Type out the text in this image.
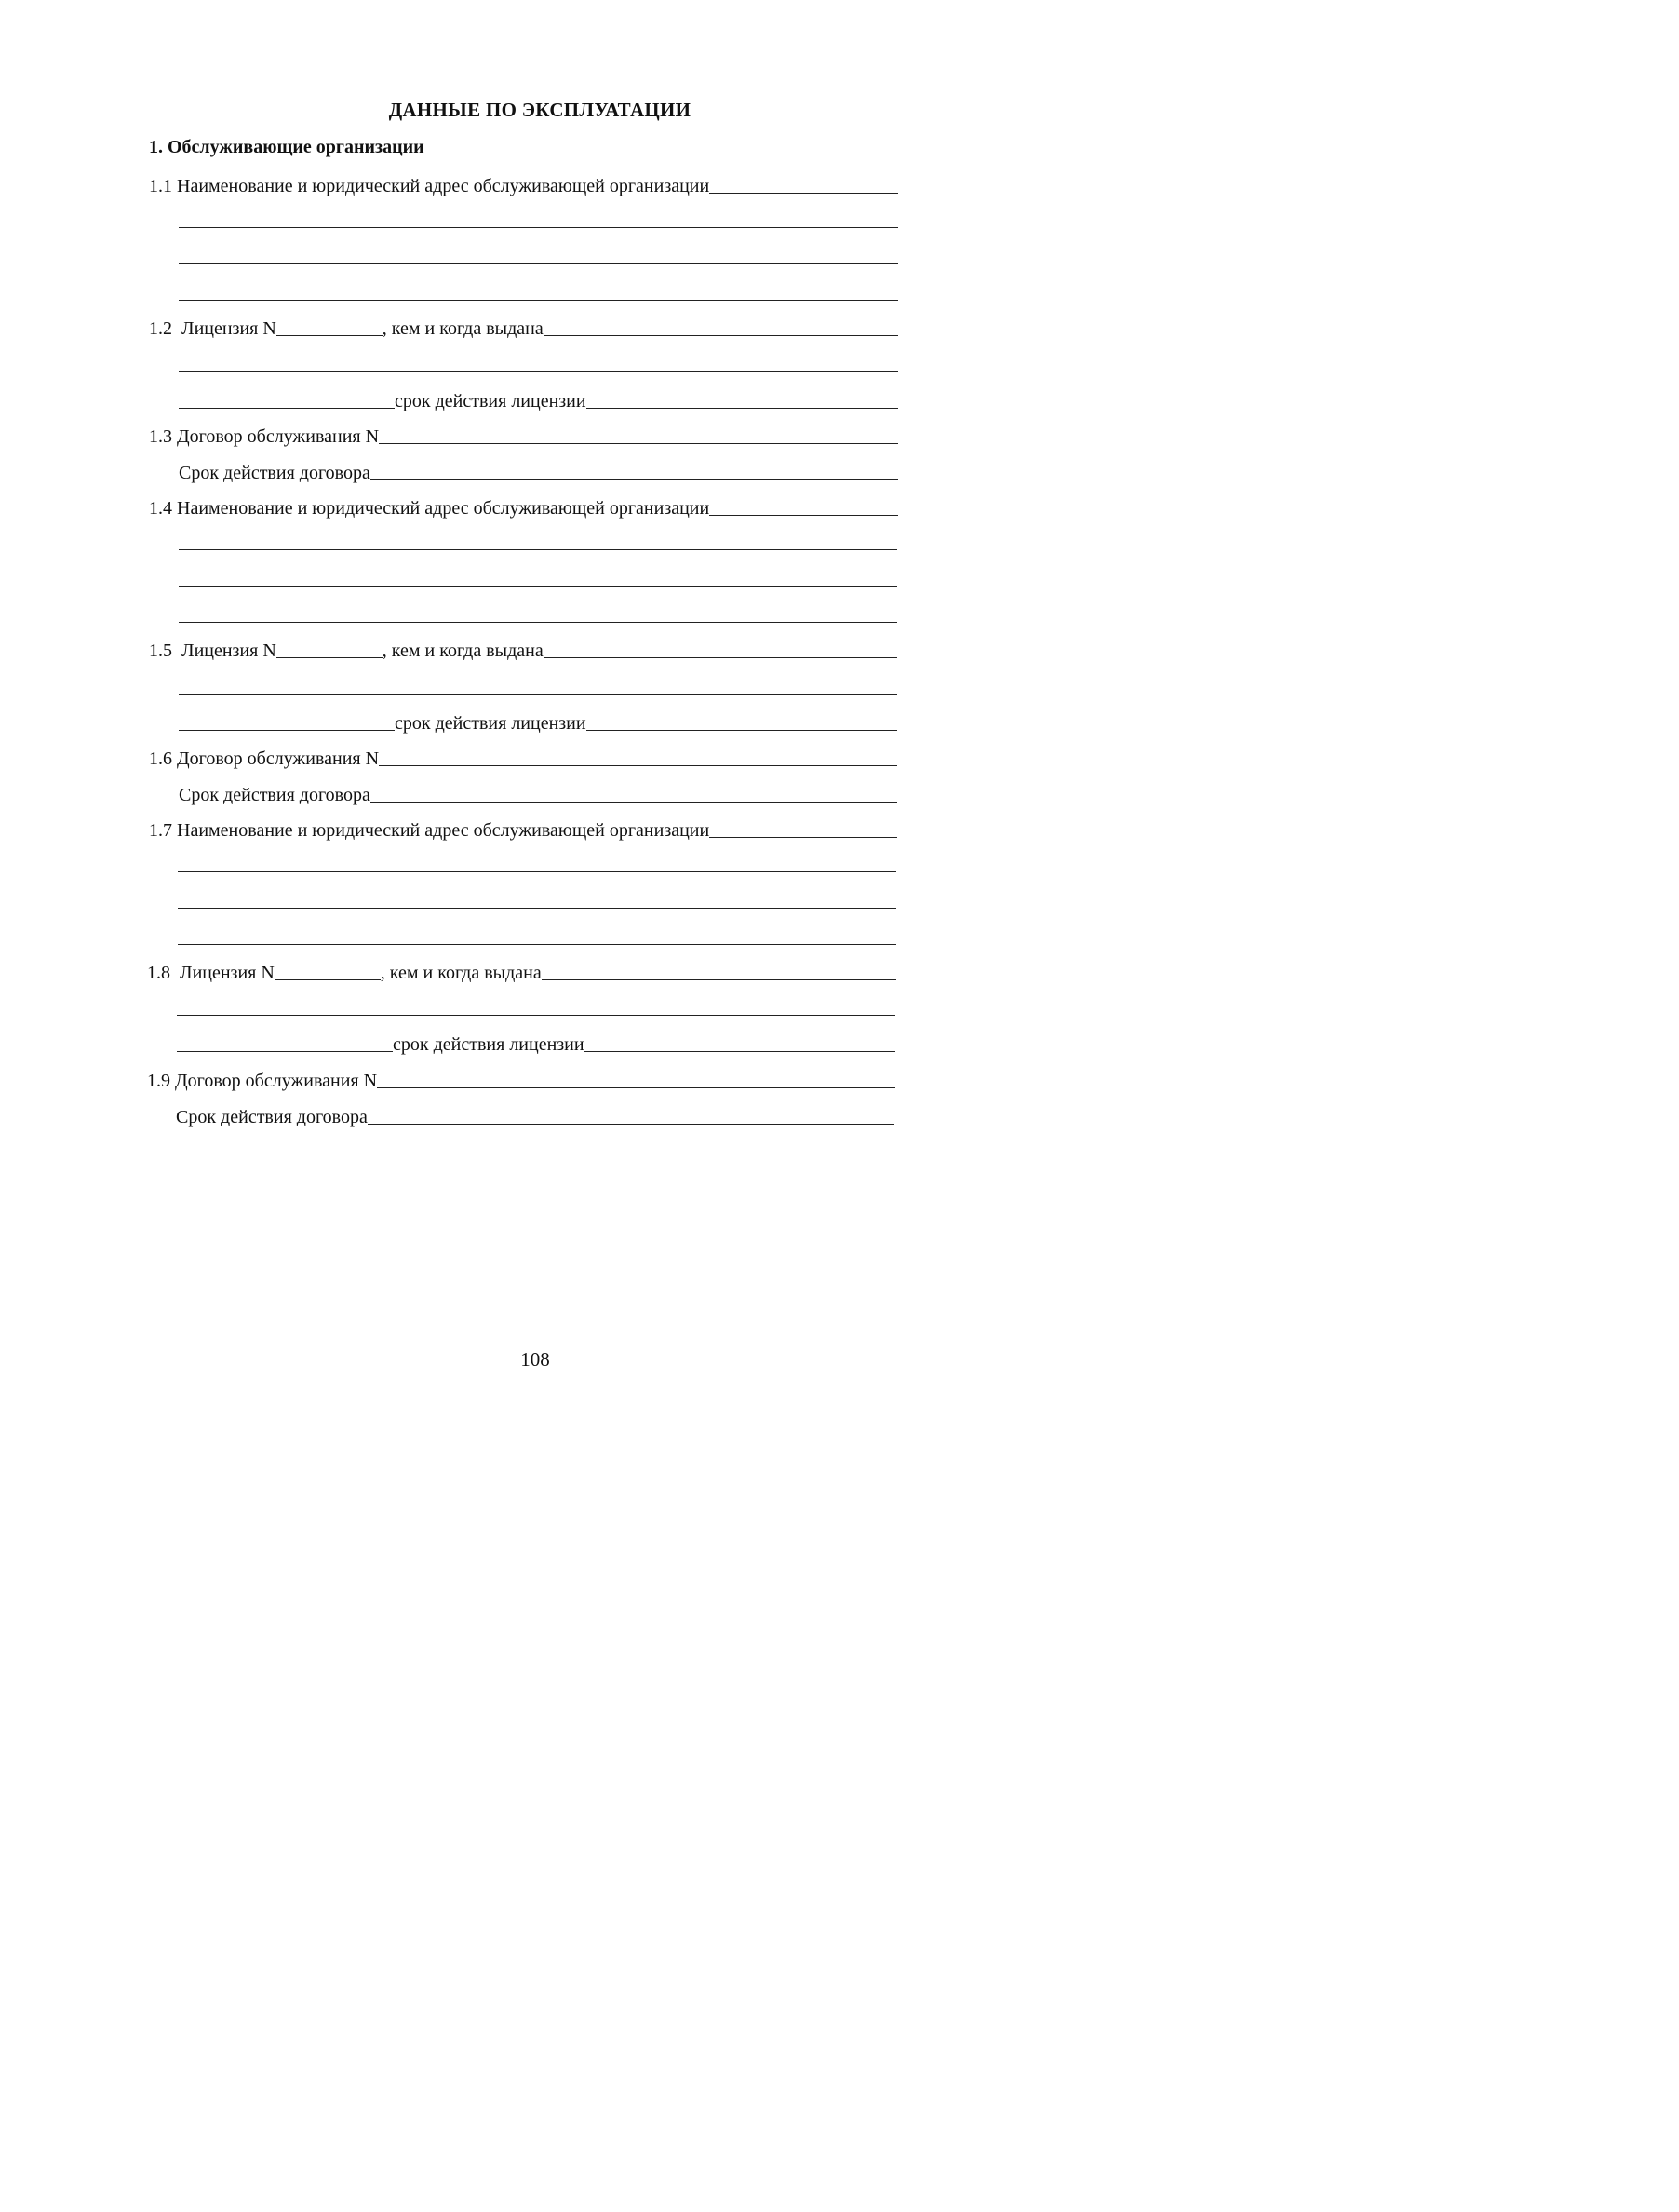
ДАННЫЕ ПО ЭКСПЛУАТАЦИИ
1. Обслуживающие организации
1.1
Наименование и юридический адрес обслуживающей организации
1.2
Лицензия N	, кем и когда выдана
срок действия лицензии
1.3
Договор обслуживания N
Срок действия договора
1.4
Наименование и юридический адрес обслуживающей организации
1.5
Лицензия N	, кем и когда выдана
срок действия лицензии
1.6
Договор обслуживания N
Срок действия договора
1.7
Наименование и юридический адрес обслуживающей организации
1.8
Лицензия N	, кем и когда выдана
срок действия лицензии
1.9
Договор обслуживания N
Срок действия договора
108
